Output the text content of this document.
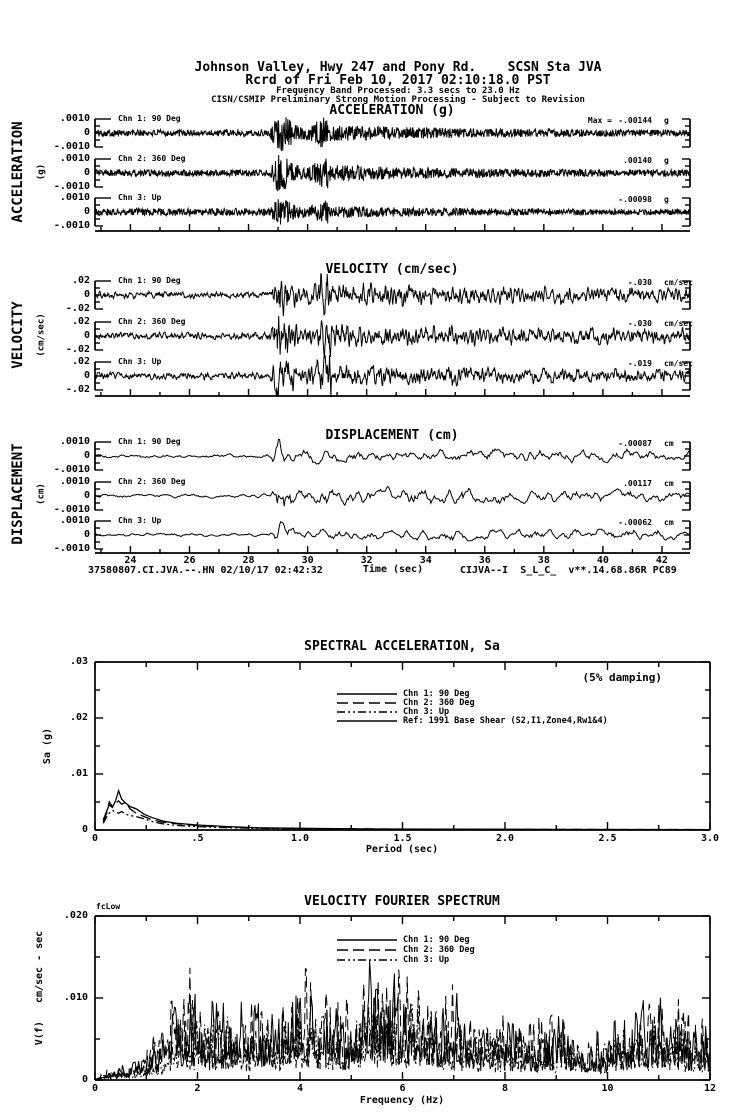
Johnson Valley, Hwy 247 and Pony Rd.    SCSN Sta JVA
Rcrd of Fri Feb 10, 2017 02:10:18.0 PST
Frequency Band Processed: 3.3 secs to 23.0 Hz
CISN/CSMIP Preliminary Strong Motion Processing - Subject to Revision
ACCELERATION (g)
VELOCITY (cm/sec)
DISPLACEMENT (cm)
ACCELERATION (g)
VELOCITY (cm/sec)
DISPLACEMENT (cm)
37580807.CI.JVA.--.HN 02/10/17 02:42:32	Time (sec)	CIJVA--I  S_L_C_  v**.14.68.86R PC89
SPECTRAL ACCELERATION, Sa
(5% damping)
Sa (g)
Period (sec)
VELOCITY FOURIER SPECTRUM
fcLow
V(f)   cm/sec - sec
Frequency (Hz)
Chn 1: 90 Deg
.0010
0
-.0010
Max = -.00144 g
Chn 2: 360 Deg
.0010
0
-.0010
.00140 g
Chn 3: Up
.0010
0
-.0010
-.00098 g
Chn 1: 90 Deg
.02
0
-.02
-.030 cm/sec
Chn 2: 360 Deg
.02
0
-.02
-.030 cm/sec
Chn 3: Up
.02
0
-.02
-.019 cm/sec
Chn 1: 90 Deg
.0010
0
-.0010
-.00087 cm
Chn 2: 360 Deg
.0010
0
-.0010
.00117 cm
Chn 3: Up
.0010
0
-.0010
-.00062 cm
24	26	28	30	32	34	36	38	40	42
.03
.02
.01
0
0	.5	1.0	1.5	2.0	2.5	3.0
Chn 1: 90 Deg
Chn 2: 360 Deg
Chn 3: Up
Ref: 1991 Base Shear (S2,I1,Zone4,Rw1&4)
.020
.010
0
0	2	4	6	8	10	12
Chn 1: 90 Deg
Chn 2: 360 Deg
Chn 3: Up
